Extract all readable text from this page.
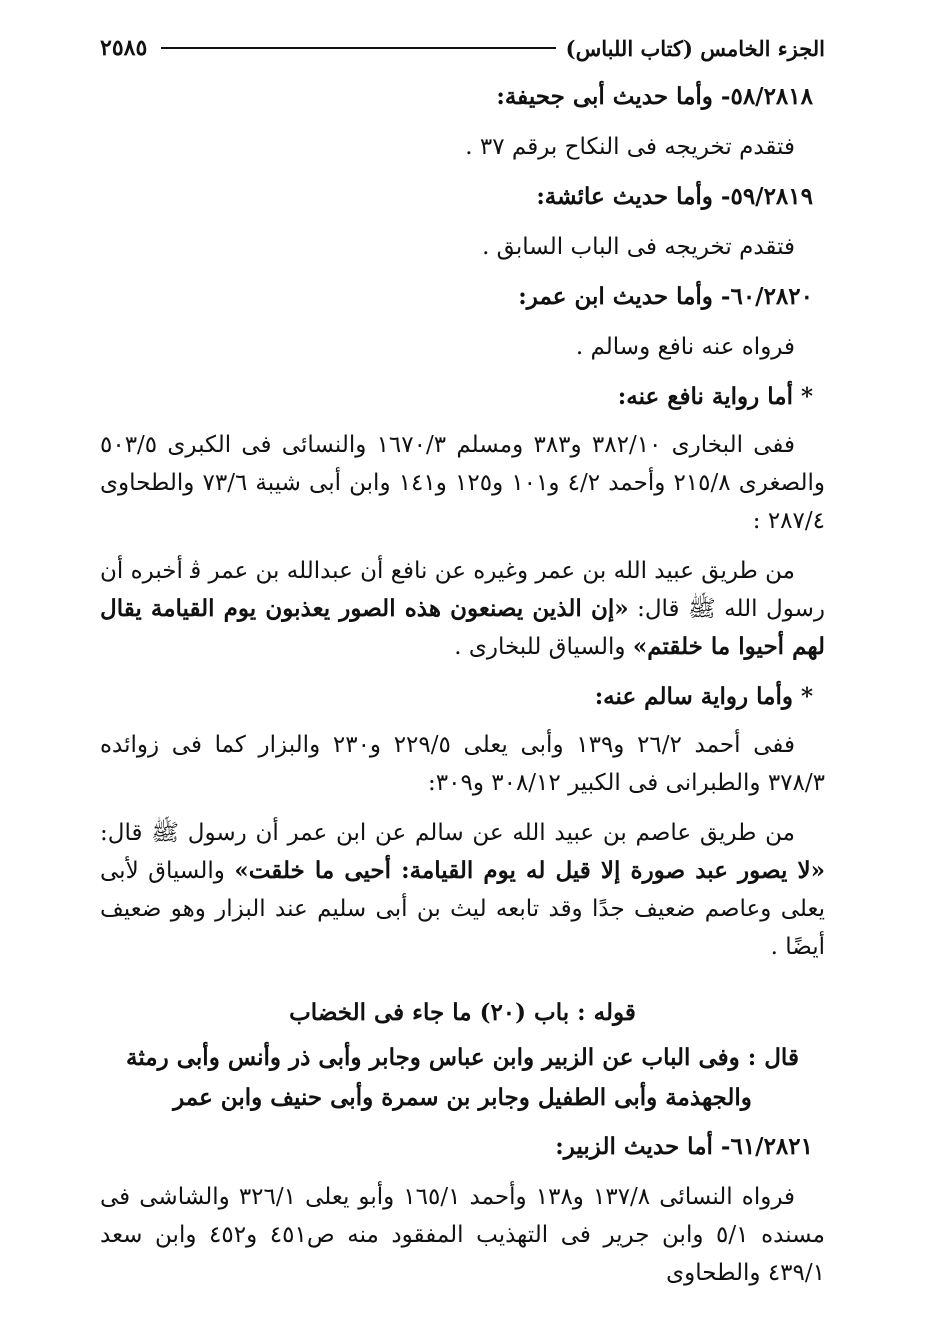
الجزء الخامس (كتاب اللباس)
٢٥٨٥

٥٨/٢٨١٨- وأما حديث أبى جحيفة:

فتقدم تخريجه فى النكاح برقم ٣٧ .

٥٩/٢٨١٩- وأما حديث عائشة:

فتقدم تخريجه فى الباب السابق .

٦٠/٢٨٢٠- وأما حديث ابن عمر:

فرواه عنه نافع وسالم .

* أما رواية نافع عنه:

ففى البخارى ٣٨٢/١٠ و٣٨٣ ومسلم ١٦٧٠/٣ والنسائى فى الكبرى ٥٠٣/٥ والصغرى ٢١٥/٨ وأحمد ٤/٢ و١٠١ و١٢٥ و١٤١ وابن أبى شيبة ٧٣/٦ والطحاوى ٢٨٧/٤ :

من طريق عبيد الله بن عمر وغيره عن نافع أن عبدالله بن عمر ﭬ أخبره أن رسول الله ﷺ قال: «إن الذين يصنعون هذه الصور يعذبون يوم القيامة يقال لهم أحيوا ما خلقتم» والسياق للبخارى .

* وأما رواية سالم عنه:

ففى أحمد ٢٦/٢ و١٣٩ وأبى يعلى ٢٢٩/٥ و٢٣٠ والبزار كما فى زوائده ٣٧٨/٣ والطبرانى فى الكبير ٣٠٨/١٢ و٣٠٩:

من طريق عاصم بن عبيد الله عن سالم عن ابن عمر أن رسول ﷺ قال: «لا يصور عبد صورة إلا قيل له يوم القيامة: أحيى ما خلقت» والسياق لأبى يعلى وعاصم ضعيف جدًا وقد تابعه ليث بن أبى سليم عند البزار وهو ضعيف أيضًا .

قوله : باب (٢٠) ما جاء فى الخضاب

قال : وفى الباب عن الزبير وابن عباس وجابر وأبى ذر وأنس وأبى رمثة والجهذمة وأبى الطفيل وجابر بن سمرة وأبى حنيف وابن عمر

٦١/٢٨٢١- أما حديث الزبير:

فرواه النسائى ١٣٧/٨ و١٣٨ وأحمد ١٦٥/١ وأبو يعلى ٣٢٦/١ والشاشى فى مسنده ٥/١ وابن جرير فى التهذيب المفقود منه ص٤٥١ و٤٥٢ وابن سعد ٤٣٩/١ والطحاوى
